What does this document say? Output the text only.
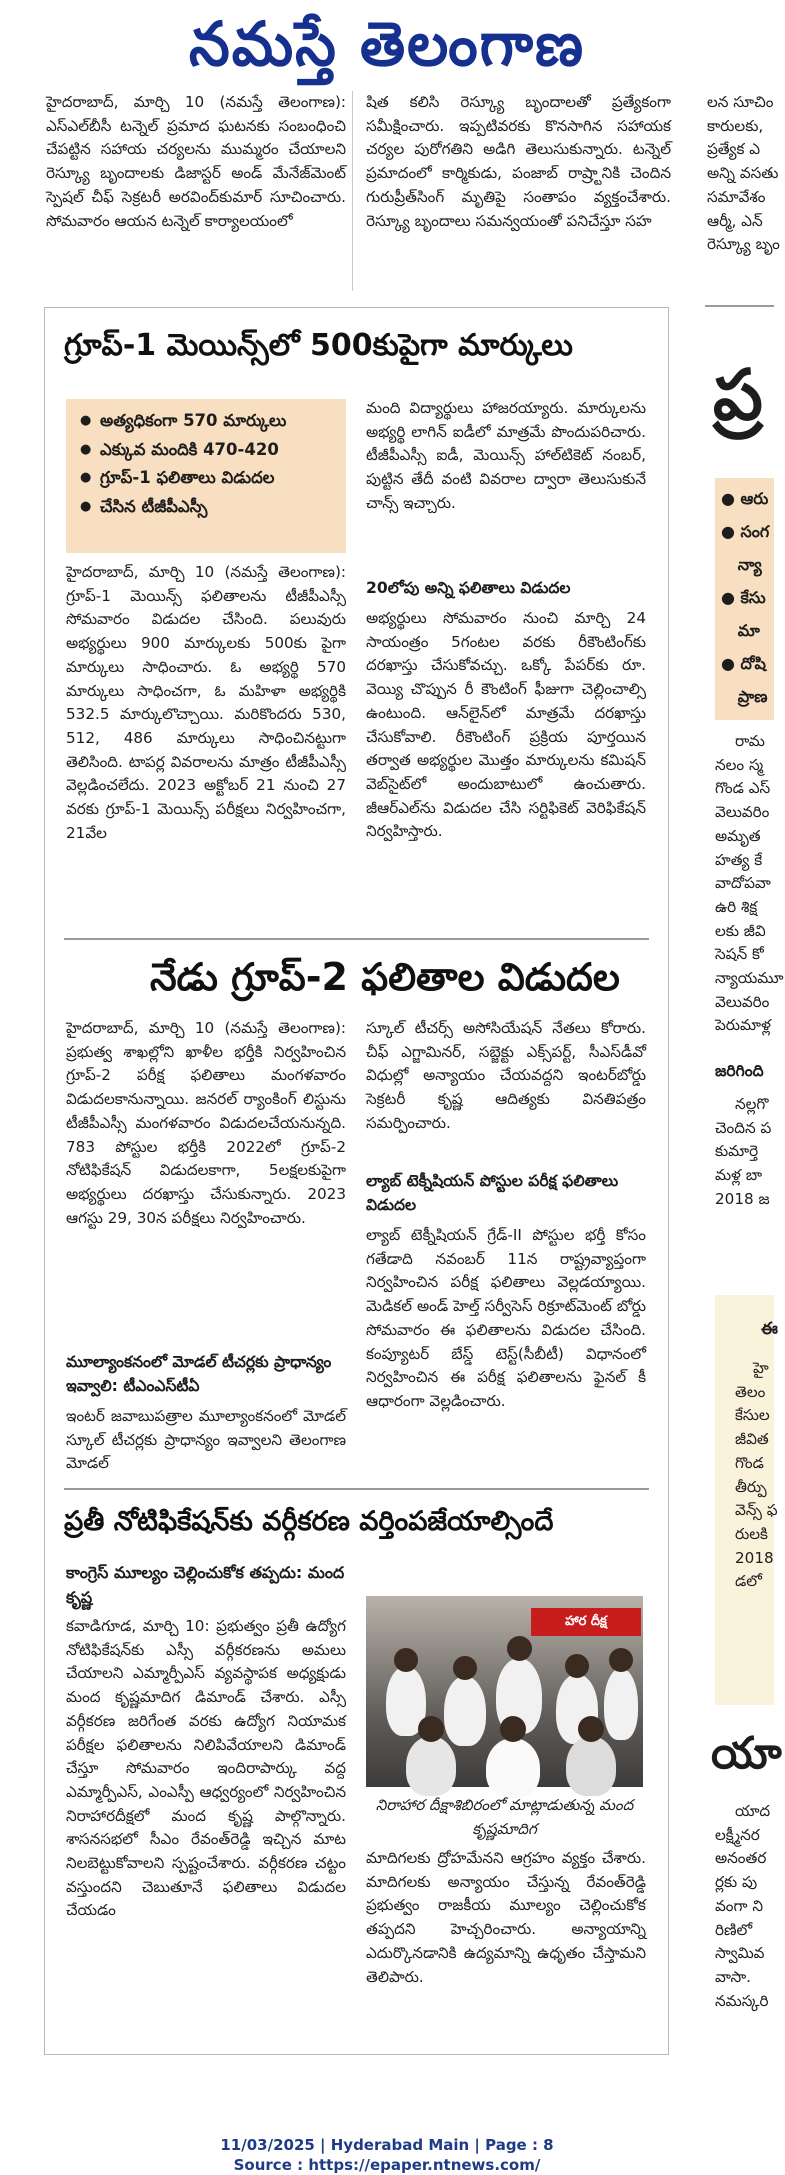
నమస్తే తెలంగాణ
హైదరాబాద్, మార్చి 10 (నమస్తే తెలంగాణ): ఎస్‌ఎల్‌బీసీ టన్నెల్ ప్రమాద ఘటనకు సంబంధించి చేపట్టిన సహాయ చర్యలను ముమ్మరం చేయాలని రెస్క్యూ బృందాలకు డిజాస్టర్ అండ్ మేనేజ్‌మెంట్ స్పెషల్ చీఫ్ సెక్రటరీ అరవింద్‌కుమార్ సూచించారు. సోమవారం ఆయన టన్నెల్ కార్యాలయంలో
షిత కలిసి రెస్క్యూ బృందాలతో ప్రత్యేకంగా సమీక్షించారు. ఇప్పటివరకు కొనసాగిన సహాయక చర్యల పురోగతిని అడిగి తెలుసుకున్నారు. టన్నెల్ ప్రమాదంలో కార్మికుడు, పంజాబ్ రాష్ర్టానికి చెందిన గురుప్రీత్‌సింగ్ మృతిపై సంతాపం వ్యక్తంచేశారు. రెస్క్యూ బృందాలు సమన్వయంతో పనిచేస్తూ సహ
గ్రూప్-1 మెయిన్స్‌లో 500కుపైగా మార్కులు
● అత్యధికంగా 570 మార్కులు
● ఎక్కువ మందికి 470-420
● గ్రూప్-1 ఫలితాలు విడుదల
● చేసిన టీజీపీఎస్సీ
హైదరాబాద్, మార్చి 10 (నమస్తే తెలంగాణ): గ్రూప్-1 మెయిన్స్ ఫలితాలను టీజీపీఎస్సీ సోమవారం విడుదల చేసింది. పలువురు అభ్యర్థులు 900 మార్కులకు 500కు పైగా మార్కులు సాధించారు. ఓ అభ్యర్థి 570 మార్కులు సాధించగా, ఓ మహిళా అభ్యర్థికి 532.5 మార్కులొచ్చాయి. మరికొందరు 530, 512, 486 మార్కులు సాధించినట్టుగా తెలిసింది. టాపర్ల వివరాలను మాత్రం టీజీపీఎస్సీ వెల్లడించలేదు. 2023 అక్టోబర్ 21 నుంచి 27 వరకు గ్రూప్-1 మెయిన్స్ పరీక్షలు నిర్వహించగా, 21వేల
మంది విద్యార్థులు హాజరయ్యారు. మార్కులను అభ్యర్థి లాగిన్ ఐడీలో మాత్రమే పొందుపరిచారు. టీజీపీఎస్సీ ఐడీ, మెయిన్స్ హాల్‌టికెట్ నంబర్, పుట్టిన తేదీ వంటి వివరాల ద్వారా తెలుసుకునే చాన్స్ ఇచ్చారు.
20లోపు అన్ని ఫలితాలు విడుదల
అభ్యర్థులు సోమవారం నుంచి మార్చి 24 సాయంత్రం 5గంటల వరకు రీకౌంటింగ్‌కు దరఖాస్తు చేసుకోవచ్చు. ఒక్కో పేపర్‌కు రూ. వెయ్యి చొప్పున రీ కౌంటింగ్ ఫీజుగా చెల్లించాల్సి ఉంటుంది. ఆన్‌లైన్‌లో మాత్రమే దరఖాస్తు చేసుకోవాలి. రీకౌంటింగ్ ప్రక్రియ పూర్తయిన తర్వాత అభ్యర్థుల మొత్తం మార్కులను కమిషన్ వెబ్‌సైట్‌లో అందుబాటులో ఉంచుతారు. జీఆర్‌ఎల్‌ను విడుదల చేసి సర్టిఫికెట్ వెరిఫికేషన్ నిర్వహిస్తారు.
నేడు గ్రూప్-2 ఫలితాల విడుదల
హైదరాబాద్, మార్చి 10 (నమస్తే తెలంగాణ): ప్రభుత్వ శాఖల్లోని ఖాళీల భర్తీకి నిర్వహించిన గ్రూప్-2 పరీక్ష ఫలితాలు మంగళవారం విడుదలకానున్నాయి. జనరల్ ర్యాంకింగ్ లిస్టును టీజీపీఎస్సీ మంగళవారం విడుదలచేయనున్నది. 783 పోస్టుల భర్తీకి 2022లో గ్రూప్-2 నోటిఫికేషన్ విడుదలకాగా, 5లక్షలకుపైగా అభ్యర్థులు దరఖాస్తు చేసుకున్నారు. 2023 ఆగస్టు 29, 30న పరీక్షలు నిర్వహించారు.
మూల్యాంకనంలో మోడల్ టీచర్లకు ప్రాధాన్యం ఇవ్వాలి: టీఎంఎస్‌టీఏ
ఇంటర్ జవాబుపత్రాల మూల్యాంకనంలో మోడల్ స్కూల్ టీచర్లకు ప్రాధాన్యం ఇవ్వాలని తెలంగాణ మోడల్
స్కూల్ టీచర్స్ అసోసియేషన్ నేతలు కోరారు. చీఫ్ ఎగ్జామినర్, సబ్జెక్టు ఎక్స్‌పర్ట్, సీఎస్‌డీవో విధుల్లో అన్యాయం చేయవద్దని ఇంటర్‌బోర్డు సెక్రటరీ కృష్ణ ఆదిత్యకు వినతిపత్రం సమర్పించారు.
ల్యాబ్ టెక్నీషియన్ పోస్టుల పరీక్ష ఫలితాలు విడుదల
ల్యాబ్ టెక్నీషియన్ గ్రేడ్-II పోస్టుల భర్తీ కోసం గతేడాది నవంబర్ 11న రాష్ట్రవ్యాప్తంగా నిర్వహించిన పరీక్ష ఫలితాలు వెల్లడయ్యాయి. మెడికల్ అండ్ హెల్త్ సర్వీసెస్ రిక్రూట్‌మెంట్ బోర్డు సోమవారం ఈ ఫలితాలను విడుదల చేసింది. కంప్యూటర్ బేస్డ్ టెస్ట్(సీబీటీ) విధానంలో నిర్వహించిన ఈ పరీక్ష ఫలితాలను ఫైనల్ కీ ఆధారంగా వెల్లడించారు.
ప్రతీ నోటిఫికేషన్‌కు వర్గీకరణ వర్తింపజేయాల్సిందే
కాంగ్రెస్ మూల్యం చెల్లించుకోక తప్పదు: మంద కృష్ణ
కవాడిగూడ, మార్చి 10: ప్రభుత్వం ప్రతీ ఉద్యోగ నోటిఫికేషన్‌కు ఎస్సీ వర్గీకరణను అమలు చేయాలని ఎమ్మార్పీఎస్ వ్యవస్థాపక అధ్యక్షుడు మంద కృష్ణమాదిగ డిమాండ్ చేశారు. ఎస్సీ వర్గీకరణ జరిగేంత వరకు ఉద్యోగ నియామక పరీక్షల ఫలితాలను నిలిపివేయాలని డిమాండ్ చేస్తూ సోమవారం ఇందిరాపార్కు వద్ద ఎమ్మార్పీఎస్, ఎంఎస్పీ ఆధ్వర్యంలో నిర్వహించిన నిరాహారదీక్షలో మంద కృష్ణ పాల్గొన్నారు. శాసనసభలో సీఎం రేవంత్‌రెడ్డి ఇచ్చిన మాట నిలబెట్టుకోవాలని స్పష్టంచేశారు. వర్గీకరణ చట్టం వస్తుందని చెబుతూనే ఫలితాలు విడుదల చేయడం
హార దీక్ష
నిరాహార దీక్షాశిబిరంలో మాట్లాడుతున్న మంద కృష్ణమాదిగ
మాదిగలకు ద్రోహమేనని ఆగ్రహం వ్యక్తం చేశారు. మాదిగలకు అన్యాయం చేస్తున్న రేవంత్‌రెడ్డి ప్రభుత్వం రాజకీయ మూల్యం చెల్లించుకోక తప్పదని హెచ్చరించారు. అన్యాయాన్ని ఎదుర్కొనడానికి ఉద్యమాన్ని ఉధృతం చేస్తామని తెలిపారు.
లన సూచిం
కారులకు,
ప్రత్యేక ఎ
అన్ని వసతు
సమావేశం
ఆర్మీ, ఎన్
రెస్క్యూ బృం
ప్ర
● ఆరు
● సంగ
న్యా
● కేసు
మా
● దోషి
ప్రాణ
రామ
నలం స్మ
గొండ ఎస్
వెలువరిం
అమృత
హత్య కే
వాదోపవా
ఉరి శిక్ష
లకు జీవి
సెషన్ కో
న్యాయమూ
వెలువరిం
పెరుమాళ్ల
జరిగింది
నల్లగొ
చెందిన ప
కుమార్తె
మళ్ల బా
2018 జ
ఈ
హై
తెలం
కేసుల
జీవిత
గొండ
తీర్పు
వెన్స్ ఫ
రులకి
2018
డలో
యా
యాద
లక్ష్మీనర
అనంతర
ర్లకు పు
వంగా ని
రిణిలో
స్వామివ
వాసా.
నమస్కరి
11/03/2025 | Hyderabad Main | Page : 8
Source : https://epaper.ntnews.com/
